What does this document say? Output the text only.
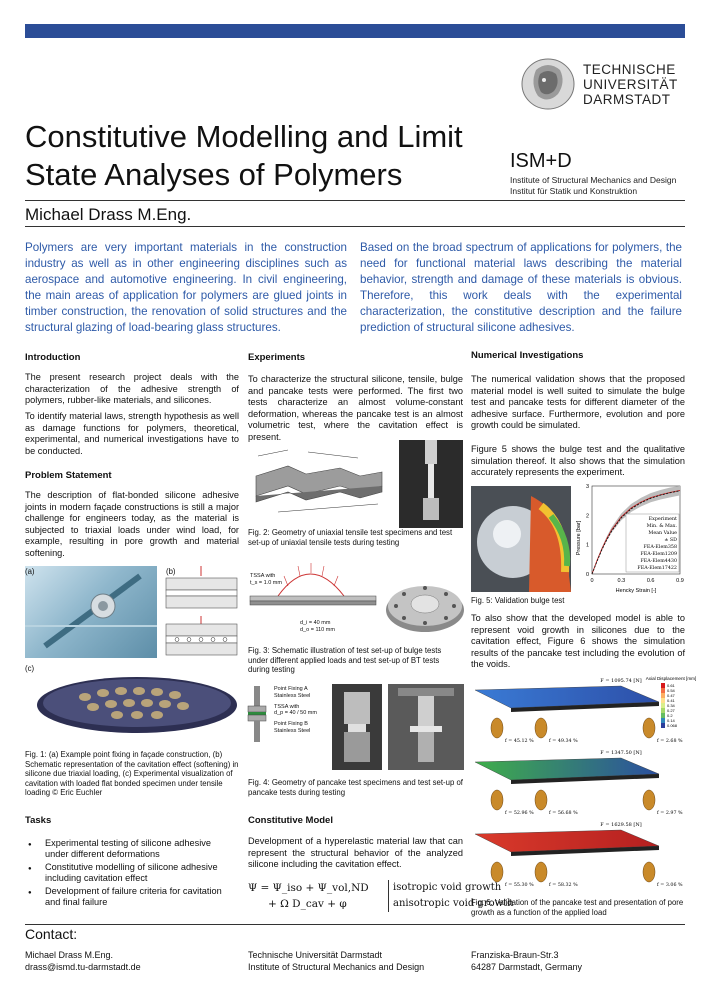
TECHNISCHE
UNIVERSITÄT
DARMSTADT
Constitutive Modelling and Limit
State Analyses of Polymers	ISM+D
Institute of Structural Mechanics and Design
Institut für Statik und Konstruktion
Michael Drass M.Eng.
Polymers are very important materials in the construction industry as well as in other engineering disciplines such as aerospace and automotive engineering. In civil engineering, the main areas of application for polymers are glued joints in timber construction, the renovation of solid structures and the structural glazing of load-bearing glass structures.
Based on the broad spectrum of applications for polymers, the need for functional material laws describing the material behavior, strength and damage of these materials is obvious. Therefore, this work deals with the experimental characterization, the constitutive description and the failure prediction of structural silicone adhesives.
Introduction
The present research project deals with the characterization of the adhesive strength of polymers, rubber-like materials, and silicones.
To identify material laws, strength hypothesis as well as damage functions for polymers, theoretical, experimental, and numerical investigations have to be conducted.
Problem Statement
The description of flat-bonded silicone adhesive joints in modern façade constructions is still a major challenge for engineers today, as the material is subjected to triaxial loads under wind load, for example, resulting in pore growth and material softening.
(a)	(b)
(c)
Fig. 1: (a) Example point fixing in façade construction, (b) Schematic representation of the cavitation effect (softening) in silicone due triaxial loading, (c) Experimental visualization of cavitation with loaded flat bonded specimen under tensile loading © Eric Euchler
Tasks
● Experimental testing of silicone adhesive under different deformations
● Constitutive modelling of silicone adhesive including cavitation effect
● Development of failure criteria for cavitation and final failure
Experiments
To characterize the structural silicone, tensile, bulge and pancake tests were performed. The first two tests characterize an almost volume-constant deformation, whereas the pancake test is an almost volumetric test, where the cavitation effect is present.
Fig. 2: Geometry of uniaxial tensile test specimens and test set-up of uniaxial tensile tests during testing
TSSA with
t_s = 1.0 mm
d_i = 40 mm
d_o = 110 mm
Fig. 3: Schematic illustration of test set-up of bulge tests under different applied loads and test set-up of BT tests during testing
Point Fixing A
Stainless Steel
TSSA with
d_p = 40 / 50 mm
Point Fixing B
Stainless Steel
Fig. 4: Geometry of pancake test specimens and test set-up of pancake tests during testing
Constitutive Model
Development of a hyperelastic material law that can represent the structural behavior of the analyzed silicone including the cavitation effect.
Ψ = Ψ_iso + Ψ_vol,ND
+ Ω D_cav + φ
isotropic void growth
anisotropic void growth
Numerical Investigations
The numerical validation shows that the proposed material model is well suited to simulate the bulge test and pancake tests for different diameter of the adhesive surface. Furthermore, evolution and pore growth could be simulated.
Figure 5 shows the bulge test and the qualitative simulation thereof. It also shows that the simulation accurately represents the experiment.
Pressure [bar]
Hencky Strain [-]
0	0.3	0.6	0.9
0
1
2
3
Experiment
Min. & Max.
Mean Value
± SD
FEA-Elem358
FEA-Elem1209
FEA-Elem4430
FEA-Elem17422
Fig. 5: Validation bulge test
To also show that the developed model is able to represent void growth in silicones due to the cavitation effect, Figure 6 shows the simulation results of the pancake test including the evolution of the voids.
F = 1095.74 [N]
f = 45.12 %	f = 49.34 %	f = 2.68 %
F = 1347.50 [N]
f = 52.96 %	f = 56.68 %	f = 2.97 %
F = 1629.58 [N]
f = 55.30 %	f = 58.32 %	f = 3.06 %
Axial Displacement [mm]
0.61
0.54
0.47
0.41
0.34
0.27
0.2
0.14
0.068
Fig. 6: Validation of the pancake test and presentation of pore growth as a function of the applied load
Contact:
Michael Drass M.Eng.
drass@ismd.tu-darmstadt.de
Technische Universität Darmstadt
Institute of Structural Mechanics and Design
Franziska-Braun-Str.3
64287 Darmstadt, Germany
